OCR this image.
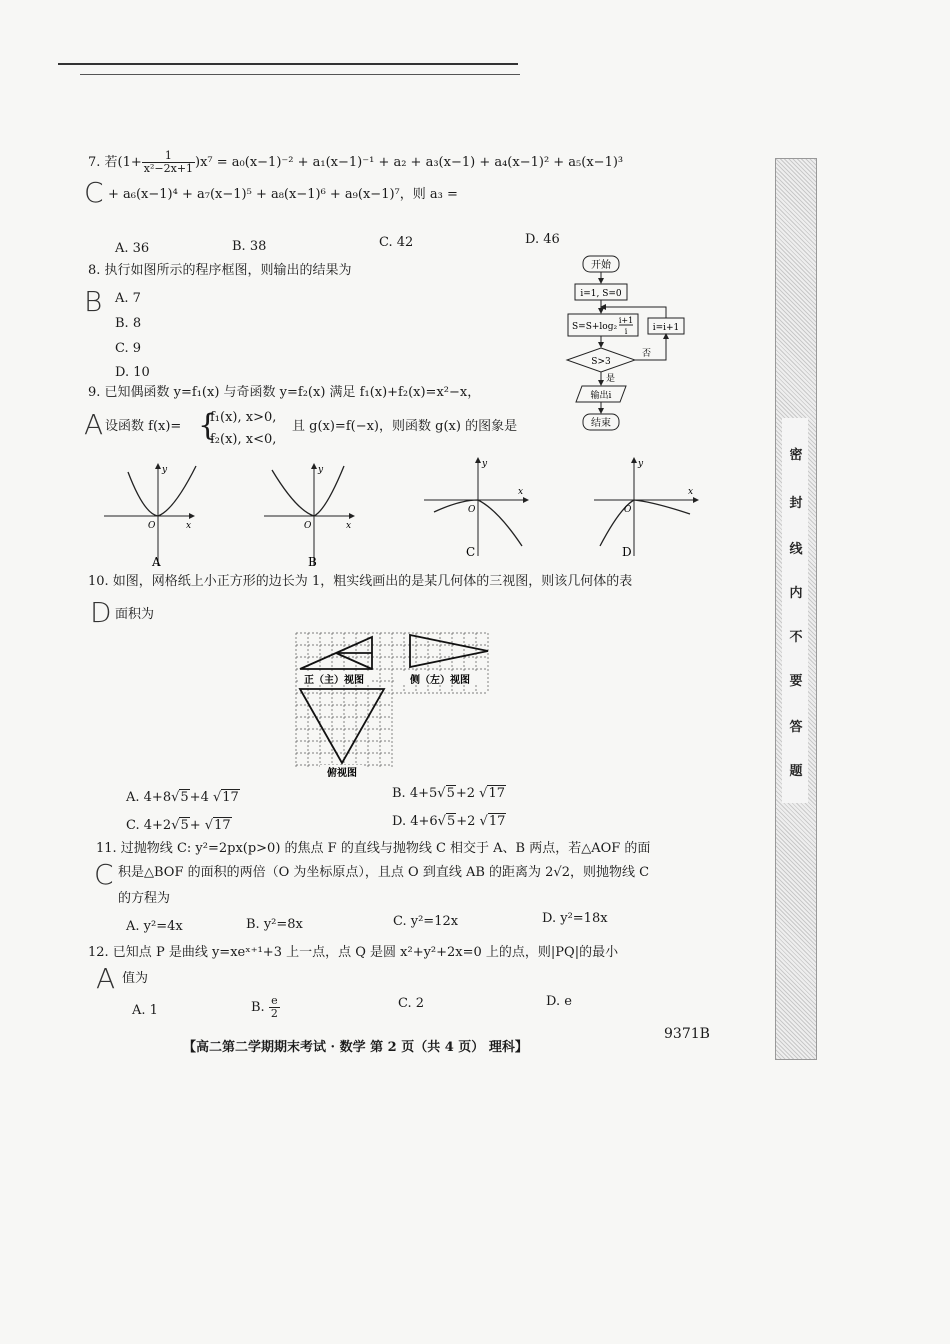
7. 若$(1+ \frac{1}{\text{x²−2x+1}} )x^7 = a_0(x-1)^{-2} + a_1(x-1)^{-1} + a_2 + a_3(x-1) + a_4(x-1)^2 + a_5(x-1)^3$
C + a₆(x−1)⁴ + a₇(x−1)⁵ + a₈(x−1)⁶ + a₉(x−1)⁷，则 a₃ =
A. 36	B. 38	C. 42	D. 46
8. 执行如图所示的程序框图，则输出的结果为
B A. 7
B. 8
C. 9
D. 10
开始
i=1, S=0
S=S+log₂
i+1
i
S>3
否
i=i+1
是
输出i
结束
9. 已知偶函数 y=f₁(x) 与奇函数 y=f₂(x) 满足 f₁(x)+f₂(x)=x²−x，
A 设函数 f(x)= {
f₁(x), x>0,
f₂(x), x<0,
且 g(x)=f(−x)，则函数 g(x) 的图象是
y
x
O
A
y
x
O
B
y
x
O
C
y
x
O
D
10. 如图，网格纸上小正方形的边长为 1，粗实线画出的是某几何体的三视图，则该几何体的表
D 面积为
正（主）视图	侧（左）视图
俯视图
A. 4+8√5+4 √17	B. 4+5√5+2 √17
C. 4+2√5+ √17	D. 4+6√5+2 √17
11. 过抛物线 C: y²=2px(p>0) 的焦点 F 的直线与抛物线 C 相交于 A、B 两点，若△AOF 的面
C 积是△BOF 的面积的两倍（O 为坐标原点），且点 O 到直线 AB 的距离为 2√2，则抛物线 C
的方程为
A. y²=4x	B. y²=8x	C. y²=12x	D. y²=18x
12. 已知点 P 是曲线 y=xeˣ⁺¹+3 上一点，点 Q 是圆 x²+y²+2x=0 上的点，则|PQ|的最小
A 值为
A. 1	B. $\frac{e}{2}$	C. 2	D. e
【高二第二学期期末考试 · 数学 第 2 页（共 4 页） 理科】
9371B
密
封
线
内
不
要
答
题
